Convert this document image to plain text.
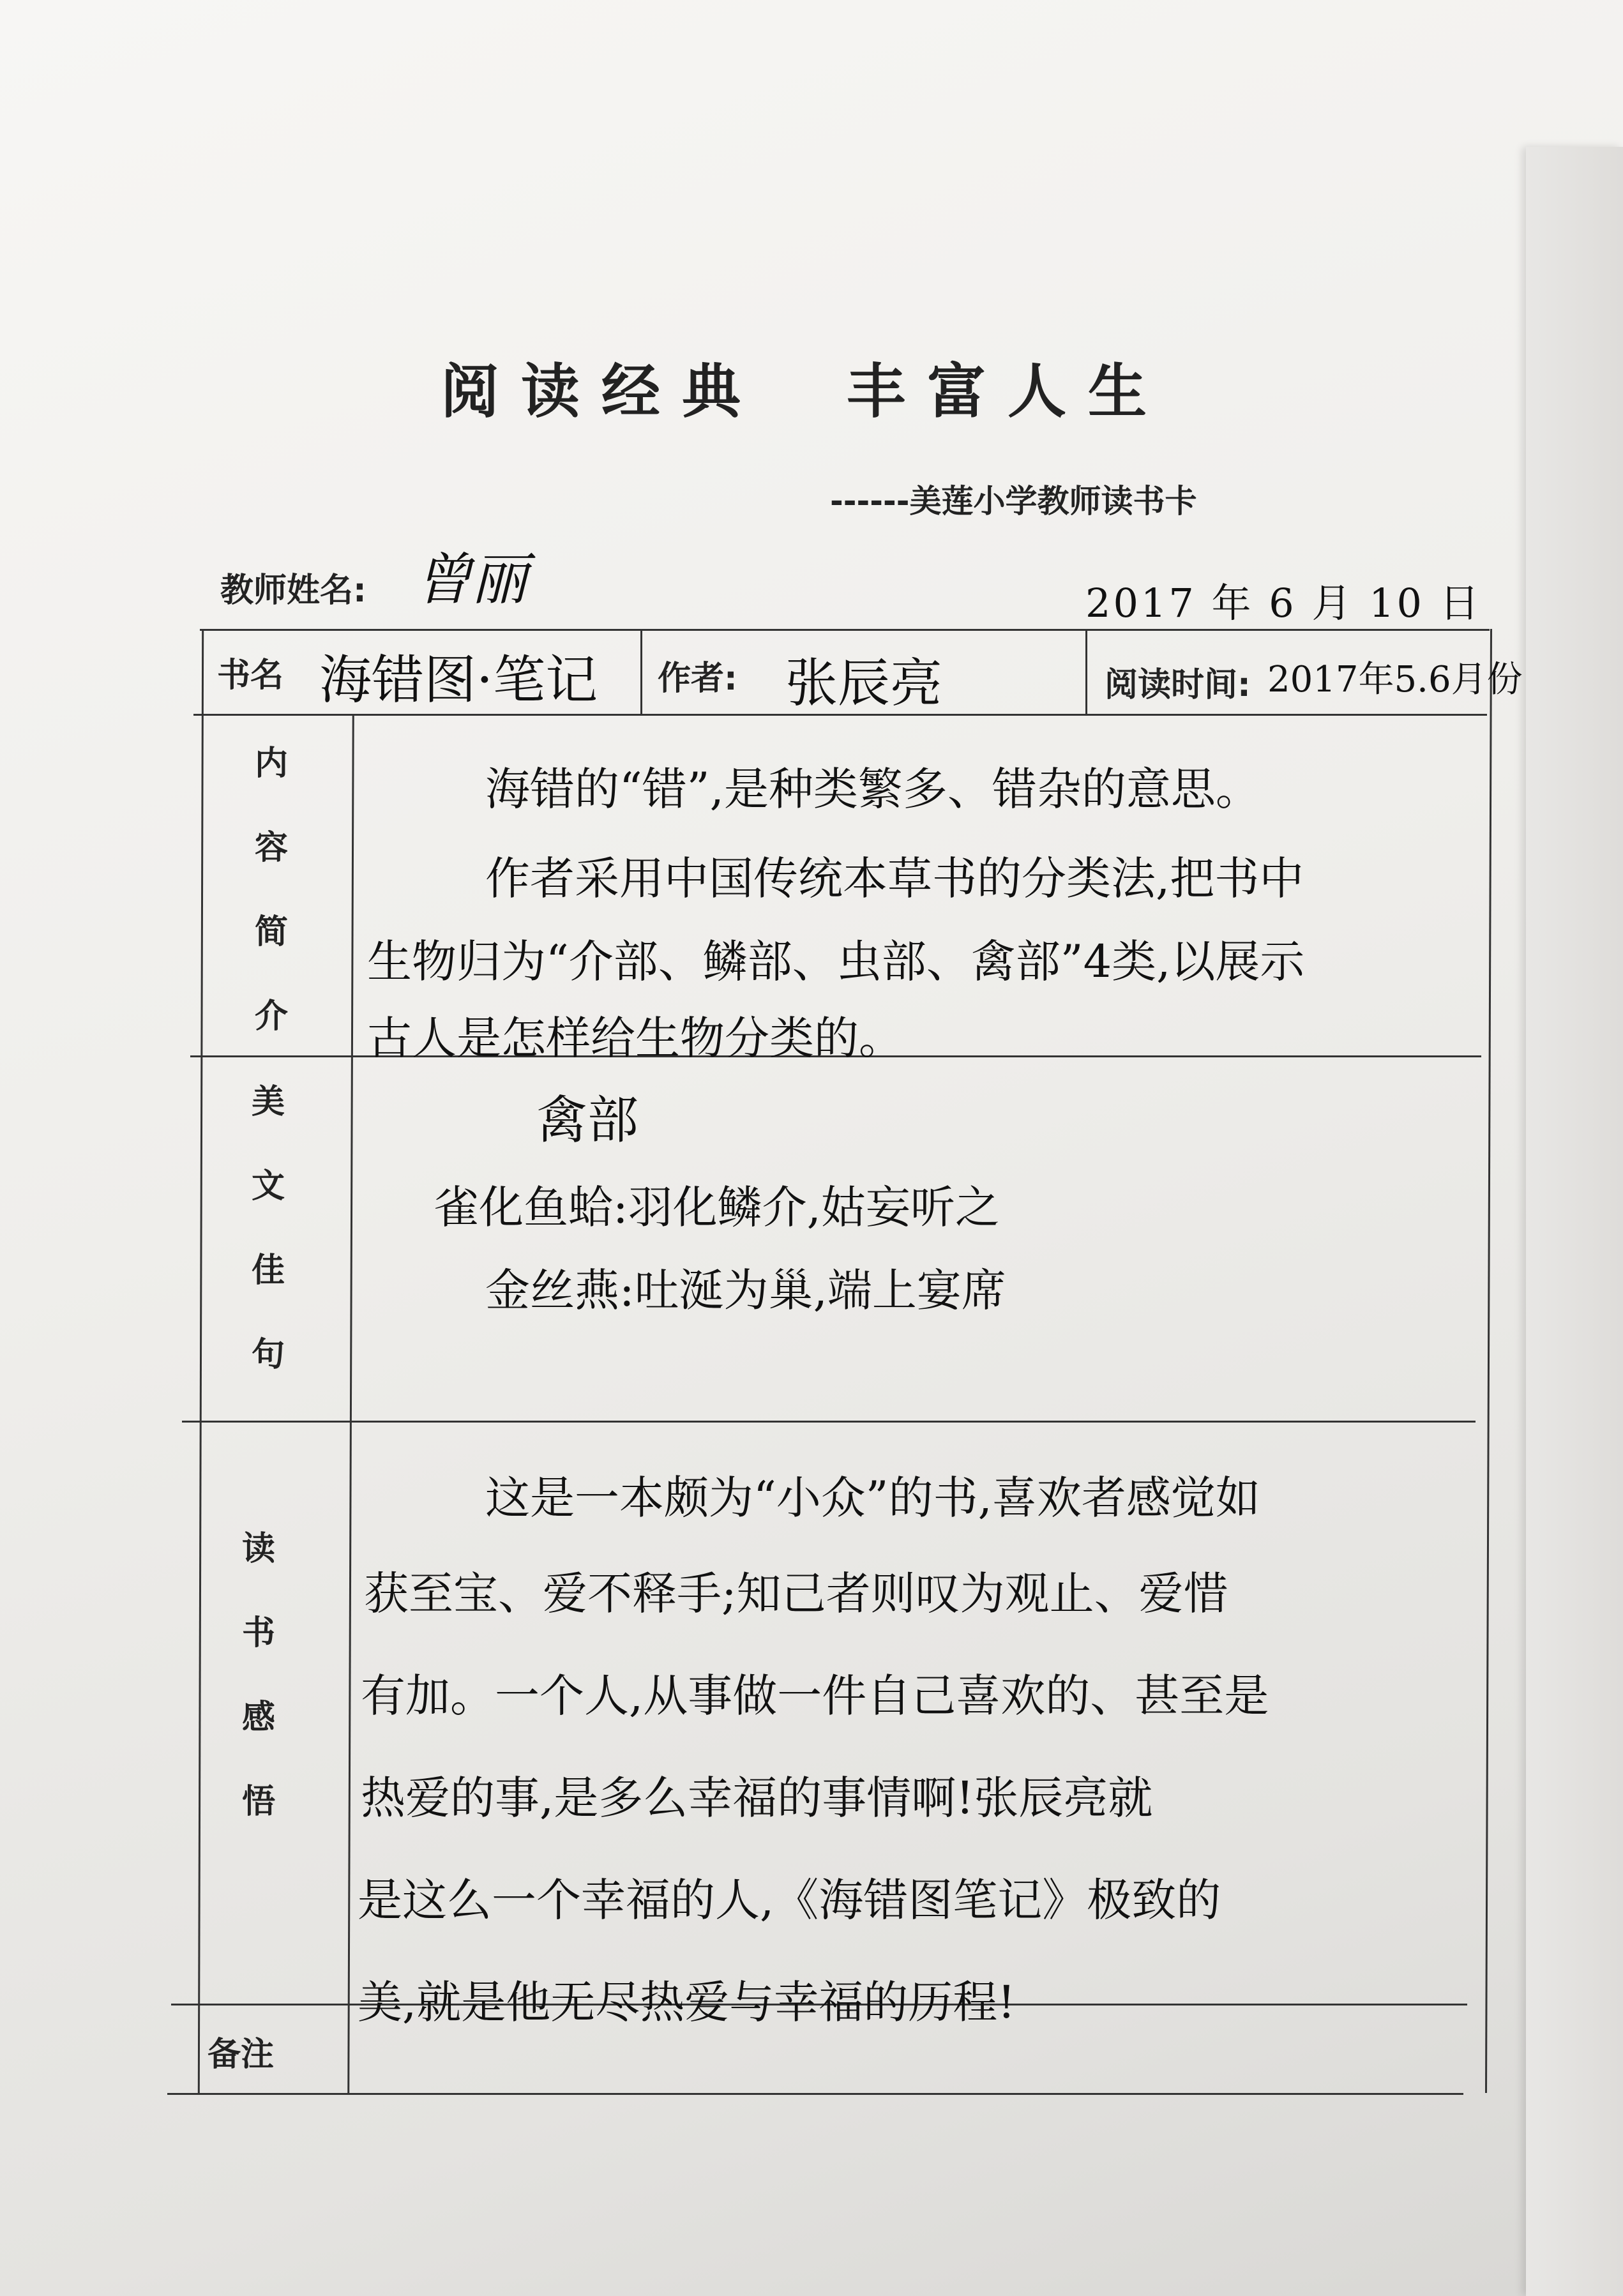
阅读经典  丰富人生
------美莲小学教师读书卡
教师姓名: 曾丽	2017 年 6 月 10 日
书名 海错图·笔记 作者: 张辰亮	阅读时间: 2017年5.6月份
内
容
简
介
海错的“错”,是种类繁多、错杂的意思。
作者采用中国传统本草书的分类法,把书中
生物归为“介部、鳞部、虫部、禽部”4类,以展示
古人是怎样给生物分类的。
美
文
佳
句
禽部
雀化鱼蛤:羽化鳞介,姑妄听之
金丝燕:吐涎为巢,端上宴席
读
书
感
悟
这是一本颇为“小众”的书,喜欢者感觉如
获至宝、爱不释手;知己者则叹为观止、爱惜
有加。一个人,从事做一件自己喜欢的、甚至是
热爱的事,是多么幸福的事情啊!张辰亮就
是这么一个幸福的人,《海错图笔记》极致的
美,就是他无尽热爱与幸福的历程!
备注
